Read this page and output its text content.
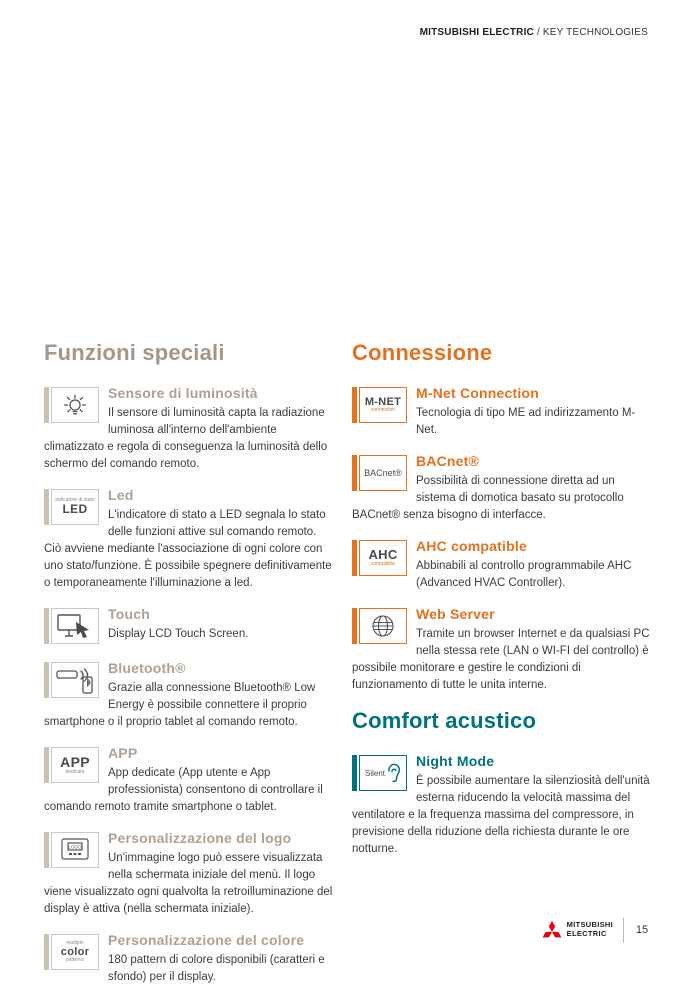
MITSUBISHI ELECTRIC / KEY TECHNOLOGIES
Funzioni speciali
Sensore di luminosità

Il sensore di luminosità capta la radiazione luminosa all'interno dell'ambiente climatizzato e regola di conseguenza la luminosità dello schermo del comando remoto.

indicatore di stato
LED
Led

L'indicatore di stato a LED segnala lo stato delle funzioni attive sul comando remoto. Ciò avviene mediante l'associazione di ogni colore con uno stato/funzione. È possibile spegnere definitivamente o temporaneamente l'illuminazione a led.

Touch

Display LCD Touch Screen.

Bluetooth®

Grazie alla connessione Bluetooth® Low Energy è possibile connettere il proprio smartphone o il proprio tablet al comando remoto.

APP
dedicata
APP

App dedicate (App utente e App professionista) consentono di controllare il comando remoto tramite smartphone o tablet.

LOGO
Personalizzazione del logo

Un'immagine logo può essere visualizzata nella schermata iniziale del menù. Il logo viene visualizzato ogni qualvolta la retroilluminazione del display è attiva (nella schermata iniziale).

multiple
color
patterns
Personalizzazione del colore

180 pattern di colore disponibili (caratteri e sfondo) per il display.

Connessione
M-NET
connection
M-Net Connection

Tecnologia di tipo ME ad indirizzamento M-Net.

BACnet®
BACnet®

Possibilità di connessione diretta ad un sistema di domotica basato su protocollo BACnet® senza bisogno di interfacce.

AHC
compatible
AHC compatible

Abbinabili al controllo programmabile AHC (Advanced HVAC Controller).

Web Server

Tramite un browser Internet e da qualsiasi PC nella stessa rete (LAN o WI-FI del controllo) è possibile monitorare e gestire le condizioni di funzionamento di tutte le unita interne.

Comfort acustico
Silent
Night Mode

È possibile aumentare la silenziosità dell'unità esterna riducendo la velocità massima del ventilatore e la frequenza massima del compressore, in previsione della riduzione della richiesta durante le ore notturne.

MITSUBISHI
ELECTRIC	15
